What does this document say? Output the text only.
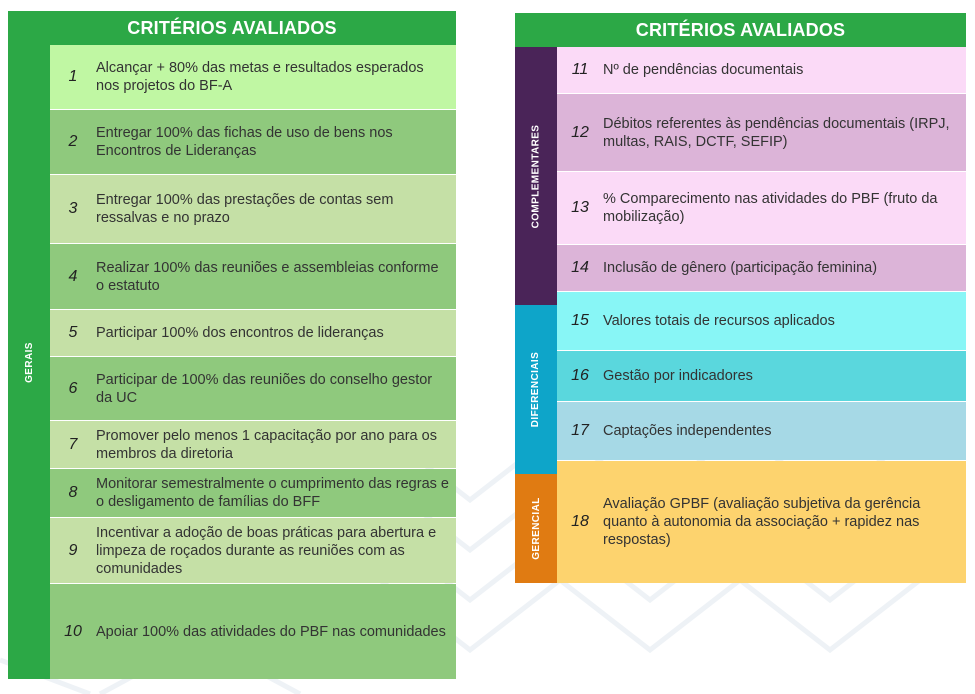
CRITÉRIOS AVALIADOS
GERAIS
1	Alcançar + 80% das metas e resultados esperados nos projetos do BF-A
2	Entregar 100% das fichas de uso de bens nos Encontros de Lideranças
3	Entregar 100% das prestações de contas sem ressalvas e no prazo
4	Realizar 100% das reuniões e assembleias conforme o estatuto
5	Participar 100% dos encontros de lideranças
6	Participar de 100% das reuniões do conselho gestor da UC
7	Promover pelo menos 1 capacitação por ano para os membros da diretoria
8	Monitorar semestralmente o cumprimento das regras e o desligamento de famílias do BFF
9
Incentivar a adoção de boas práticas para abertura e limpeza de roçados durante as reuniões com as comunidades
10 Apoiar 100% das atividades do PBF nas comunidades
CRITÉRIOS AVALIADOS
COMPLEMENTARES
DIFERENCIAIS
GERENCIAL
11	Nº de pendências documentais
12 Débitos referentes às pendências documentais (IRPJ, multas, RAIS, DCTF, SEFIP)
13 % Comparecimento nas atividades do PBF (fruto da mobilização)
14 Inclusão de gênero (participação feminina)
15 Valores totais de recursos aplicados
16 Gestão por indicadores
17 Captações independentes
18
Avaliação GPBF (avaliação subjetiva da gerência quanto à autonomia da associação + rapidez nas respostas)
